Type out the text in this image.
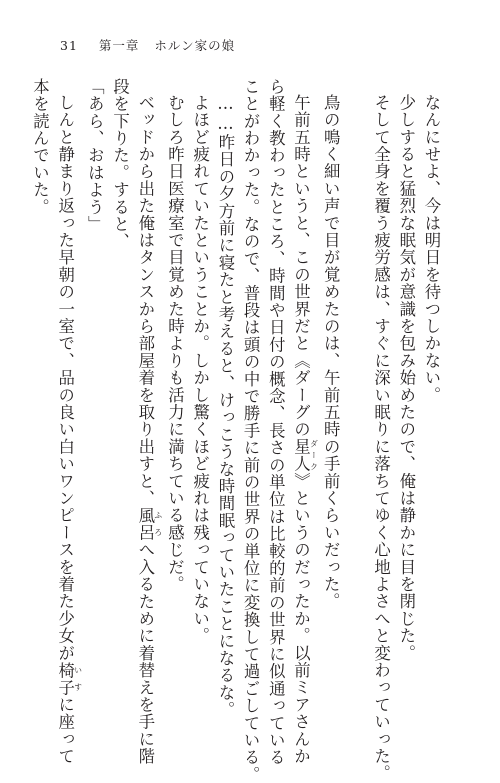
31 第一章 ホルン家の娘
なんにせよ、今は明日を待つしかない。
少しすると猛烈な眠気が意識を包み始めたので、俺は静かに目を閉じた。
そして全身を覆う疲労感は、すぐに深い眠りに落ちてゆく心地よさへと変わっていった。
鳥の鳴く細い声で目が覚めたのは、午前五時の手前くらいだった。
午前五時というと、この世界だと《ダーグの星人 ダーク》というのだったか。以前ミアさんか
ら軽く教わったところ、時間や日付の概念、長さの単位は比較的前の世界に似通っている
ことがわかった。なので、普段は頭の中で勝手に前の世界の単位に変換して過ごしている。
……昨日の夕方前に寝たと考えると、けっこうな時間眠っていたことになるな。
よほど疲れていたということか。しかし驚くほど疲れは残っていない。
むしろ昨日医療室で目覚めた時よりも活力に満ちている感じだ。
ベッドから出た俺はタンスから部屋着を取り出すと、風呂 ふろへ入るために着替えを手に階
段を下りた。すると、
「あら、おはよう」
しんと静まり返った早朝の一室で、品の良い白いワンピースを着た少女が椅子 いすに座って
本を読んでいた。
